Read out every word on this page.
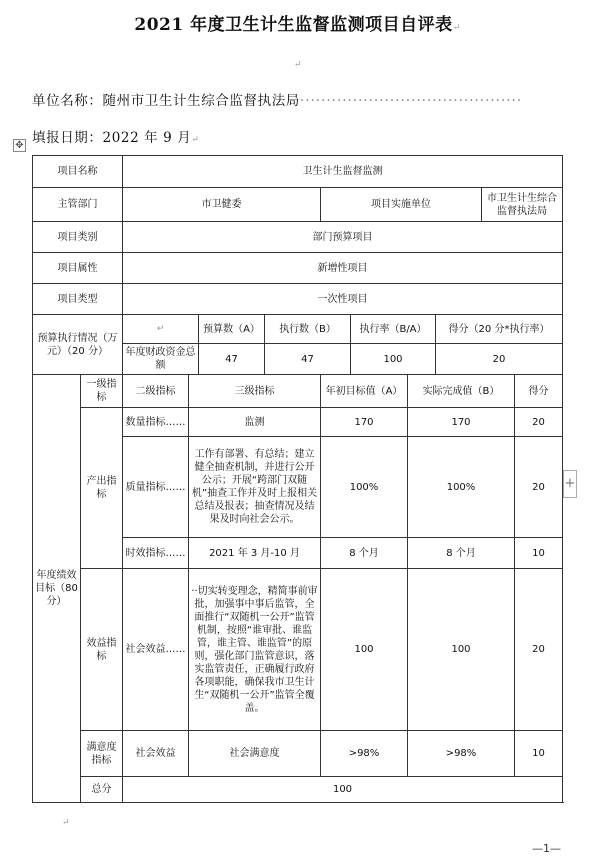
2021 年度卫生计生监督监测项目自评表↵
↵
单位名称：随州市卫生计生综合监督执法局··········································
填报日期：2022 年 9 月↵
✥
项目名称		卫生计生监督监测									
主管部门		市卫健委				项目实施单位				市卫生计生综合监督执法局	
项目类别		部门预算项目									
项目属性		新增性项目									
项目类型		一次性项目									
预算执行情况（万元）（20 分）		↵		预算数（A）	执行数（B）		执行率（B/A）		得分（20 分*执行率）		
		年度财政资金总额		47	47		100		20		
年度绩效目标（80 分）	一级指标	二级指标	三级指标			年初目标值（A）		实际完成值（B）			得分
	产出指标	数量指标……	监测			170		170			20
		质量指标……	工作有部署、有总结；建立健全抽查机制，并进行公开公示；开展“跨部门双随机”抽查工作并及时上报相关总结及报表；抽查情况及结果及时向社会公示。			100%		100%			20
		时效指标……	2021 年 3 月-10 月			8 个月		8 个月			10
	效益指标	社会效益……	··切实转变理念，精简事前审批，加强事中事后监管，全面推行“双随机一公开”监管机制，按照“谁审批、谁监管，谁主管、谁监管”的原则，强化部门监管意识，落实监管责任，正确履行政府各项职能，确保我市卫生计生“双随机一公开”监管全覆盖。			100		100			20
	满意度指标	社会效益	社会满意度			>98%		>98%			10
	总分	100									
+
↵
—1—
